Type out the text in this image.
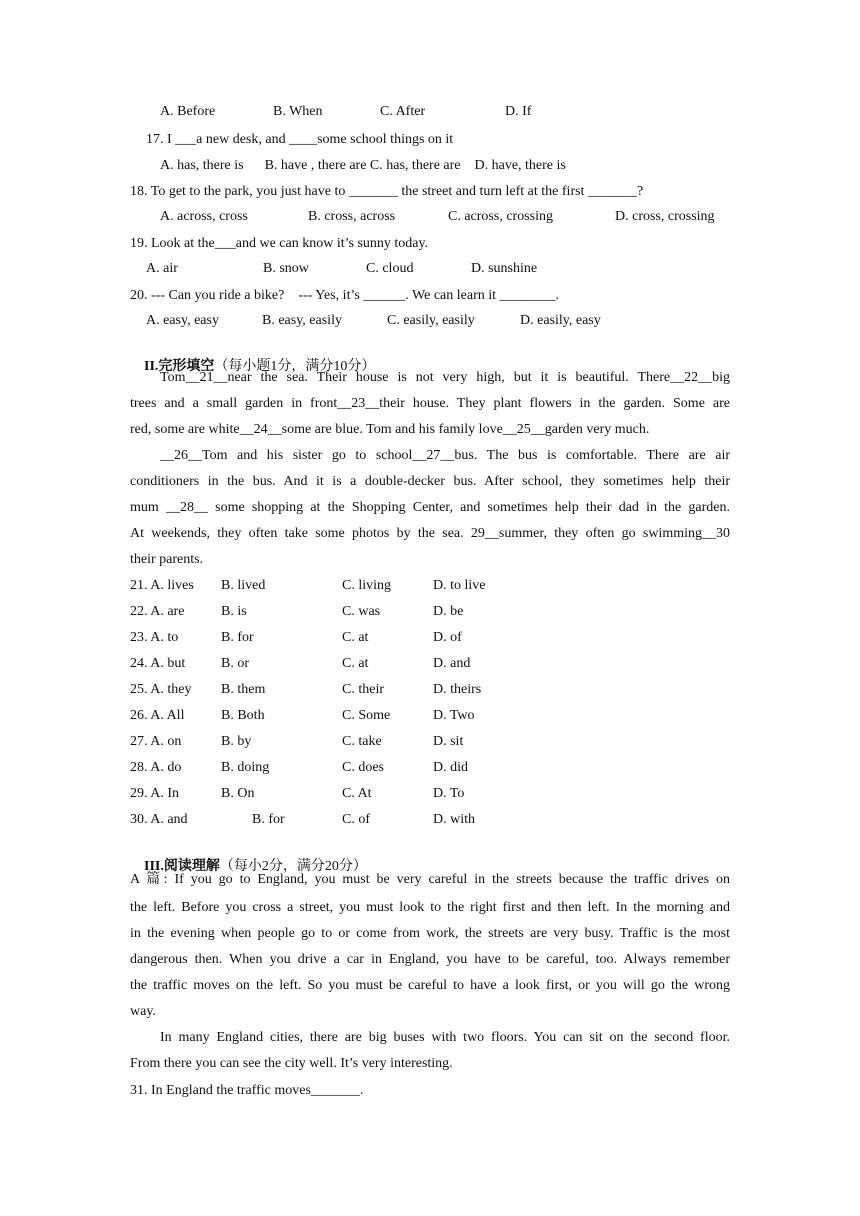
A. Before	B. When	C. After	D. If
17. I ___a new desk, and ____some school things on it
A. has, there is      B. have , there are C. has, there are    D. have, there is
18. To get to the park, you just have to _______ the street and turn left at the first _______?
A. across, cross	B. cross, across	C. across, crossing	D. cross, crossing
19. Look at the___and we can know it’s sunny today.
A. air	B. snow	C. cloud	D. sunshine
20. --- Can you ride a bike?    --- Yes, it’s ______. We can learn it ________.
A. easy, easy	B. easy, easily	C. easily, easily	D. easily, easy

II.完形填空（每小题1分，满分10分）

Tom__21__near the sea. Their house is not very high, but it is beautiful. There__22__big
trees and a small garden in front__23__their house. They plant flowers in the garden. Some are
red, some are white__24__some are blue. Tom and his family love__25__garden very much.
__26__Tom and his sister go to school__27__bus. The bus is comfortable. There are air
conditioners in the bus. And it is a double-decker bus. After school, they sometimes help their
mum __28__ some shopping at the Shopping Center, and sometimes help their dad in the garden.
At weekends, they often take some photos by the sea. 29__summer, they often go swimming__30
their parents.
21. A. lives B. lived	C. living	D. to live
22. A. are	B. is	C. was	D. be
23. A. to	B. for	C. at	D. of
24. A. but	B. or	C. at	D. and
25. A. they B. them	C. their	D. theirs
26. A. All	B. Both	C. Some	D. Two
27. A. on	B. by	C. take	D. sit
28. A. do	B. doing	C. does	D. did
29. A. In	B. On	C. At	D. To
30. A. and	B. for	C. of	D. with

III.阅读理解（每小2分，满分20分）

A 篇: If you go to England, you must be very careful in the streets because the traffic drives on
the left. Before you cross a street, you must look to the right first and then left. In the morning and
in the evening when people go to or come from work, the streets are very busy. Traffic is the most
dangerous then. When you drive a car in England, you have to be careful, too. Always remember
the traffic moves on the left. So you must be careful to have a look first, or you will go the wrong
way.
In many England cities, there are big buses with two floors. You can sit on the second floor.
From there you can see the city well. It’s very interesting.
31. In England the traffic moves_______.
